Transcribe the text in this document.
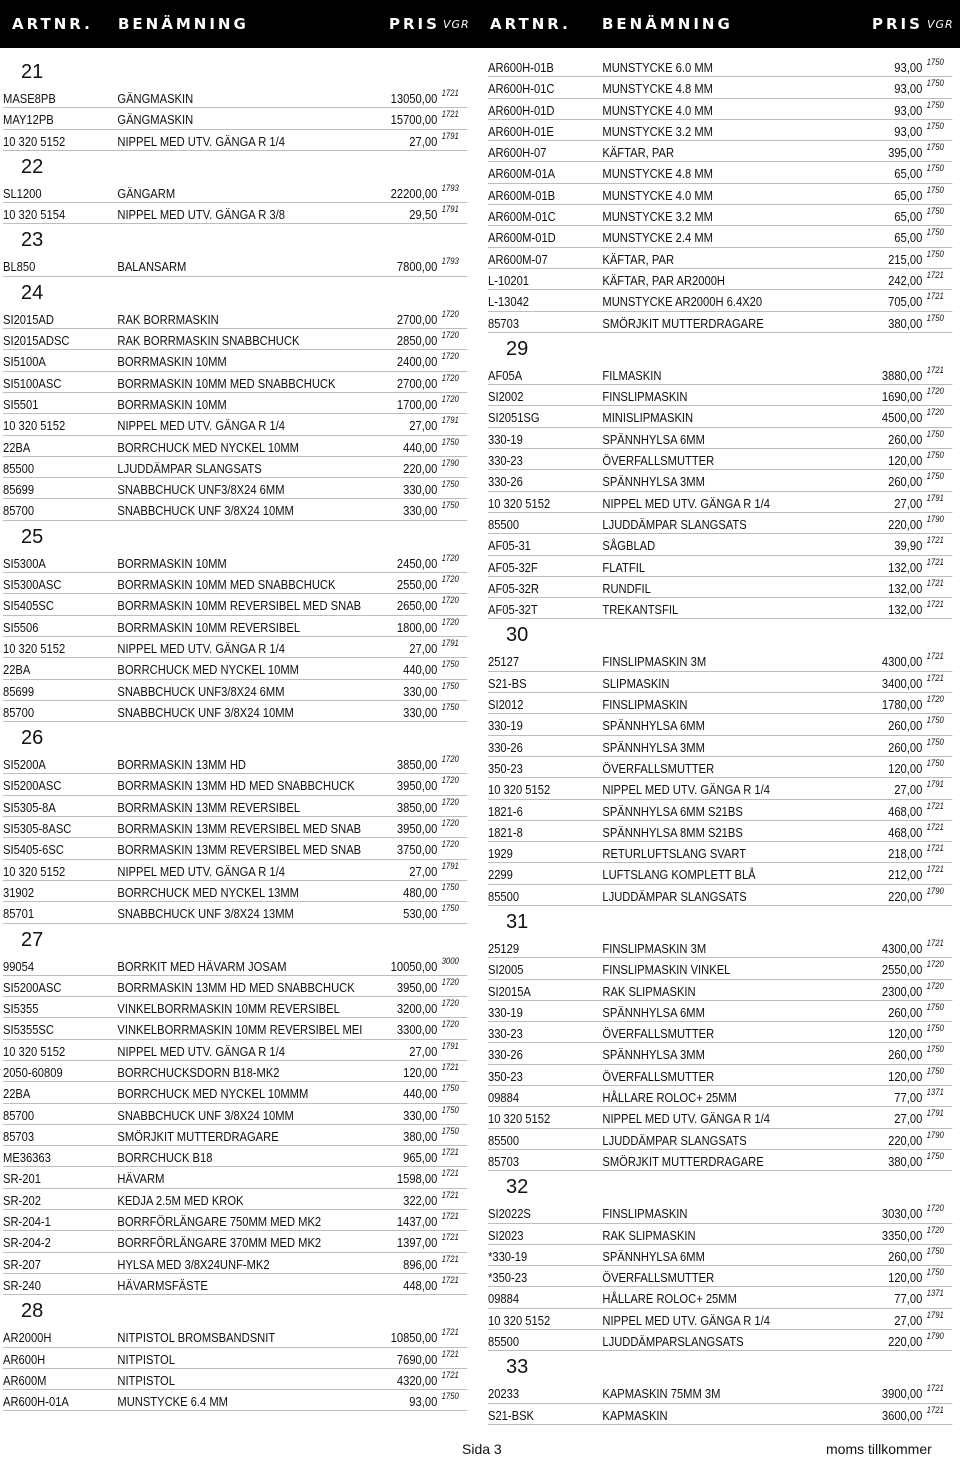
ARTNR. BENÄMNING	PRIS VGR ARTNR. BENÄMNING	PRIS VGR
21
MASE8PB	GÄNGMASKIN	13050,00 1721
MAY12PB	GÄNGMASKIN	15700,00 1721
10 320 5152	NIPPEL MED UTV. GÄNGA R 1/4	27,00 1791
22
SL1200	GÄNGARM	22200,00 1793
10 320 5154	NIPPEL MED UTV. GÄNGA R 3/8	29,50 1791
23
BL850	BALANSARM	7800,00 1793
24
SI2015AD	RAK BORRMASKIN	2700,00 1720
SI2015ADSC	RAK BORRMASKIN SNABBCHUCK	2850,00 1720
SI5100A	BORRMASKIN 10MM	2400,00 1720
SI5100ASC	BORRMASKIN 10MM MED SNABBCHUCK	2700,00 1720
SI5501	BORRMASKIN 10MM	1700,00 1720
10 320 5152	NIPPEL MED UTV. GÄNGA R 1/4	27,00 1791
22BA	BORRCHUCK MED NYCKEL 10MM	440,00 1750
85500	LJUDDÄMPAR SLANGSATS	220,00 1790
85699	SNABBCHUCK UNF3/8X24 6MM	330,00 1750
85700	SNABBCHUCK UNF 3/8X24 10MM	330,00 1750
25
SI5300A	BORRMASKIN 10MM	2450,00 1720
SI5300ASC	BORRMASKIN 10MM MED SNABBCHUCK	2550,00 1720
SI5405SC	BORRMASKIN 10MM REVERSIBEL MED SNAB	2650,00 1720
SI5506	BORRMASKIN 10MM REVERSIBEL	1800,00 1720
10 320 5152	NIPPEL MED UTV. GÄNGA R 1/4	27,00 1791
22BA	BORRCHUCK MED NYCKEL 10MM	440,00 1750
85699	SNABBCHUCK UNF3/8X24 6MM	330,00 1750
85700	SNABBCHUCK UNF 3/8X24 10MM	330,00 1750
26
SI5200A	BORRMASKIN 13MM HD	3850,00 1720
SI5200ASC	BORRMASKIN 13MM HD MED SNABBCHUCK	3950,00 1720
SI5305-8A	BORRMASKIN 13MM REVERSIBEL	3850,00 1720
SI5305-8ASC	BORRMASKIN 13MM REVERSIBEL MED SNAB	3950,00 1720
SI5405-6SC	BORRMASKIN 13MM REVERSIBEL MED SNAB	3750,00 1720
10 320 5152	NIPPEL MED UTV. GÄNGA R 1/4	27,00 1791
31902	BORRCHUCK MED NYCKEL 13MM	480,00 1750
85701	SNABBCHUCK UNF 3/8X24 13MM	530,00 1750
27
99054	BORRKIT MED HÄVARM JOSAM	10050,00 3000
SI5200ASC	BORRMASKIN 13MM HD MED SNABBCHUCK	3950,00 1720
SI5355	VINKELBORRMASKIN 10MM REVERSIBEL	3200,00 1720
SI5355SC	VINKELBORRMASKIN 10MM REVERSIBEL MEI	3300,00 1720
10 320 5152	NIPPEL MED UTV. GÄNGA R 1/4	27,00 1791
2050-60809	BORRCHUCKSDORN B18-MK2	120,00 1721
22BA	BORRCHUCK MED NYCKEL 10MMM	440,00 1750
85700	SNABBCHUCK UNF 3/8X24 10MM	330,00 1750
85703	SMÖRJKIT MUTTERDRAGARE	380,00 1750
ME36363	BORRCHUCK B18	965,00 1721
SR-201	HÄVARM	1598,00 1721
SR-202	KEDJA 2.5M MED KROK	322,00 1721
SR-204-1	BORRFÖRLÄNGARE 750MM MED MK2	1437,00 1721
SR-204-2	BORRFÖRLÄNGARE 370MM MED MK2	1397,00 1721
SR-207	HYLSA MED 3/8X24UNF-MK2	896,00 1721
SR-240	HÄVARMSFÄSTE	448,00 1721
28
AR2000H	NITPISTOL BROMSBANDSNIT	10850,00 1721
AR600H	NITPISTOL	7690,00 1721
AR600M	NITPISTOL	4320,00 1721
AR600H-01A	MUNSTYCKE 6.4 MM	93,00 1750
AR600H-01B	MUNSTYCKE 6.0 MM	93,00 1750
AR600H-01C	MUNSTYCKE 4.8 MM	93,00 1750
AR600H-01D	MUNSTYCKE 4.0 MM	93,00 1750
AR600H-01E	MUNSTYCKE 3.2 MM	93,00 1750
AR600H-07	KÄFTAR, PAR	395,00 1750
AR600M-01A	MUNSTYCKE 4.8 MM	65,00 1750
AR600M-01B	MUNSTYCKE 4.0 MM	65,00 1750
AR600M-01C	MUNSTYCKE 3.2 MM	65,00 1750
AR600M-01D	MUNSTYCKE 2.4 MM	65,00 1750
AR600M-07	KÄFTAR, PAR	215,00 1750
L-10201	KÄFTAR, PAR AR2000H	242,00 1721
L-13042	MUNSTYCKE AR2000H 6.4X20	705,00 1721
85703	SMÖRJKIT MUTTERDRAGARE	380,00 1750
29
AF05A	FILMASKIN	3880,00 1721
SI2002	FINSLIPMASKIN	1690,00 1720
SI2051SG	MINISLIPMASKIN	4500,00 1720
330-19	SPÄNNHYLSA 6MM	260,00 1750
330-23	ÖVERFALLSMUTTER	120,00 1750
330-26	SPÄNNHYLSA 3MM	260,00 1750
10 320 5152	NIPPEL MED UTV. GÄNGA R 1/4	27,00 1791
85500	LJUDDÄMPAR SLANGSATS	220,00 1790
AF05-31	SÅGBLAD	39,90 1721
AF05-32F	FLATFIL	132,00 1721
AF05-32R	RUNDFIL	132,00 1721
AF05-32T	TREKANTSFIL	132,00 1721
30
25127	FINSLIPMASKIN 3M	4300,00 1721
S21-BS	SLIPMASKIN	3400,00 1721
SI2012	FINSLIPMASKIN	1780,00 1720
330-19	SPÄNNHYLSA 6MM	260,00 1750
330-26	SPÄNNHYLSA 3MM	260,00 1750
350-23	ÖVERFALLSMUTTER	120,00 1750
10 320 5152	NIPPEL MED UTV. GÄNGA R 1/4	27,00 1791
1821-6	SPÄNNHYLSA 6MM S21BS	468,00 1721
1821-8	SPÄNNHYLSA 8MM S21BS	468,00 1721
1929	RETURLUFTSLANG SVART	218,00 1721
2299	LUFTSLANG KOMPLETT BLÅ	212,00 1721
85500	LJUDDÄMPAR SLANGSATS	220,00 1790
31
25129	FINSLIPMASKIN 3M	4300,00 1721
SI2005	FINSLIPMASKIN VINKEL	2550,00 1720
SI2015A	RAK SLIPMASKIN	2300,00 1720
330-19	SPÄNNHYLSA 6MM	260,00 1750
330-23	ÖVERFALLSMUTTER	120,00 1750
330-26	SPÄNNHYLSA 3MM	260,00 1750
350-23	ÖVERFALLSMUTTER	120,00 1750
09884	HÅLLARE ROLOC+ 25MM	77,00 1371
10 320 5152	NIPPEL MED UTV. GÄNGA R 1/4	27,00 1791
85500	LJUDDÄMPAR SLANGSATS	220,00 1790
85703	SMÖRJKIT MUTTERDRAGARE	380,00 1750
32
SI2022S	FINSLIPMASKIN	3030,00 1720
SI2023	RAK SLIPMASKIN	3350,00 1720
*330-19	SPÄNNHYLSA 6MM	260,00 1750
*350-23	ÖVERFALLSMUTTER	120,00 1750
09884	HÅLLARE ROLOC+ 25MM	77,00 1371
10 320 5152	NIPPEL MED UTV. GÄNGA R 1/4	27,00 1791
85500	LJUDDÄMPARSLANGSATS	220,00 1790
33
20233	KAPMASKIN 75MM 3M	3900,00 1721
S21-BSK	KAPMASKIN	3600,00 1721
Sida 3	moms tillkommer
